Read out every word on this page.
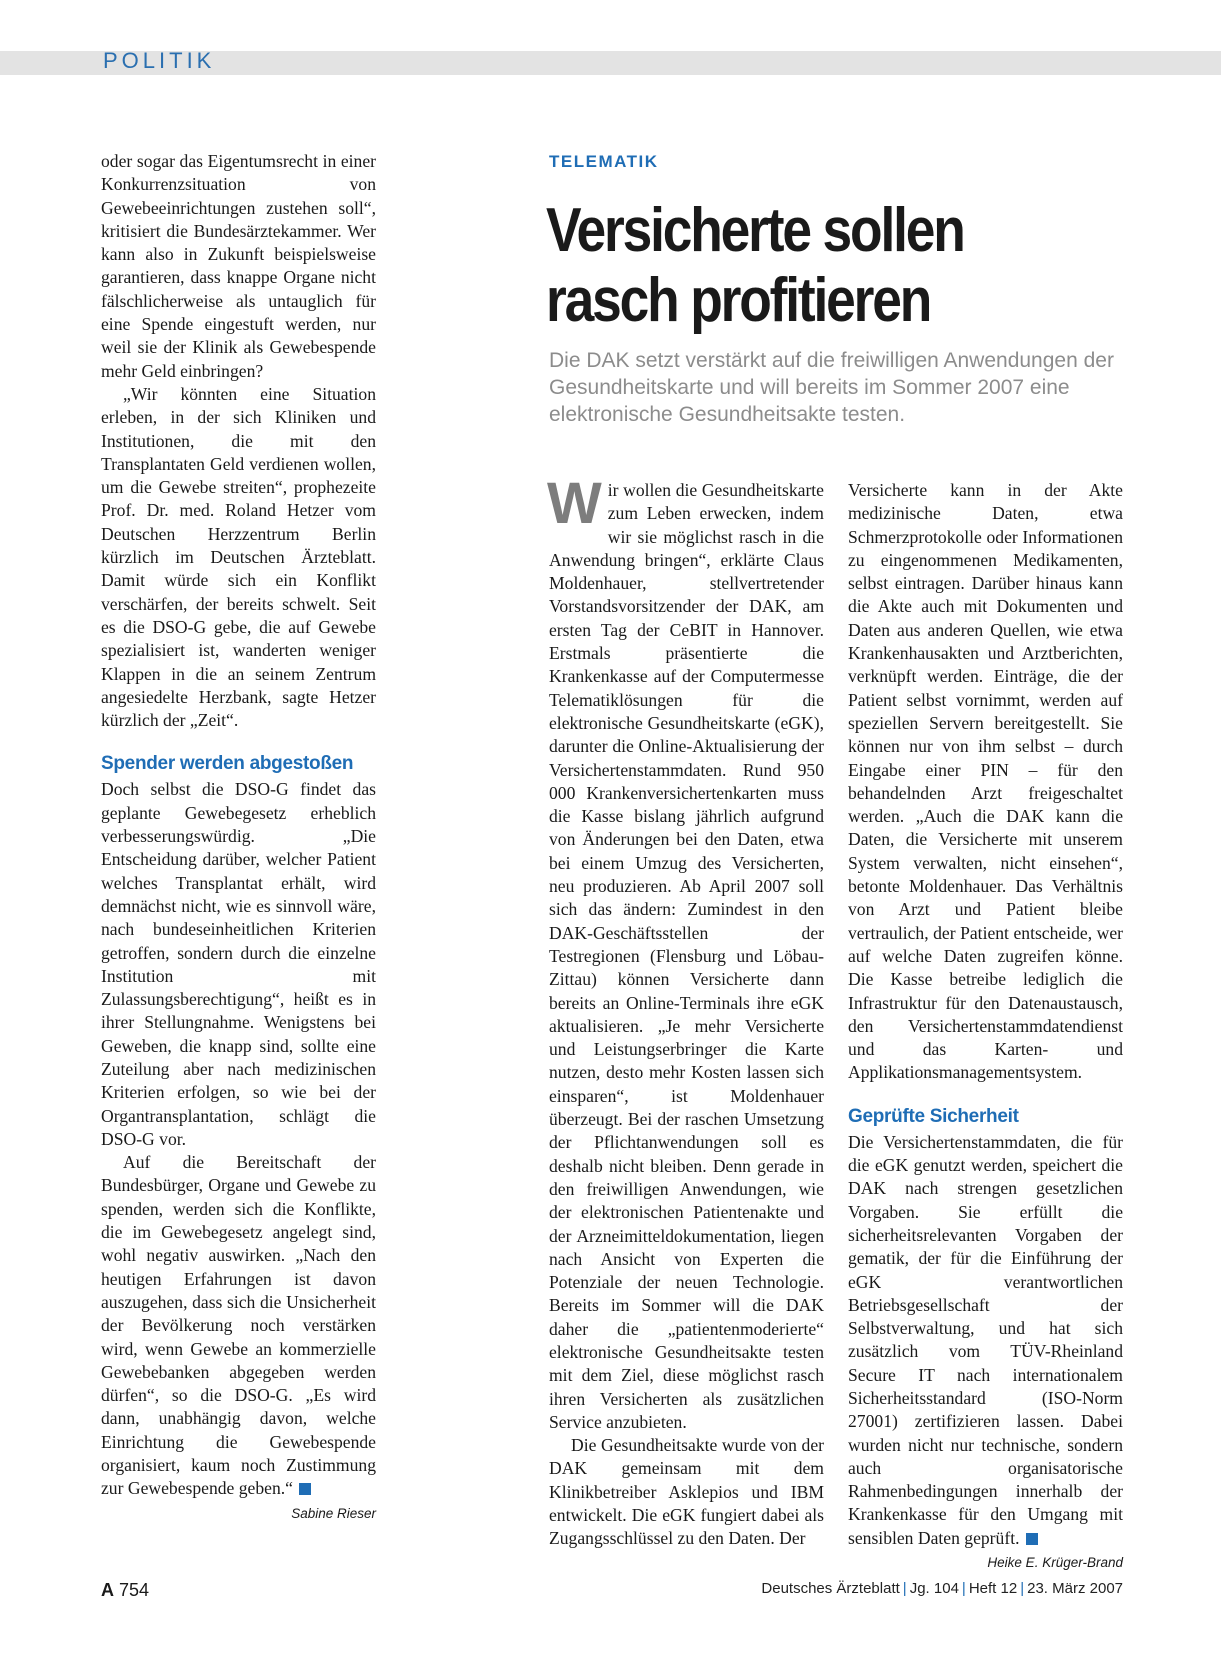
POLITIK

oder sogar das Eigentumsrecht in einer Konkurrenzsituation von Gewebeeinrichtungen zustehen soll“, kritisiert die Bundesärztekammer. Wer kann also in Zukunft beispielsweise garantieren, dass knappe Organe nicht fälschlicherweise als untauglich für eine Spende eingestuft werden, nur weil sie der Klinik als Gewebespende mehr Geld einbringen?

„Wir könnten eine Situation erleben, in der sich Kliniken und Institutionen, die mit den Transplantaten Geld verdienen wollen, um die Gewebe streiten“, prophezeite Prof. Dr. med. Roland Hetzer vom Deutschen Herzzentrum Berlin kürzlich im Deutschen Ärzteblatt. Damit würde sich ein Konflikt verschärfen, der bereits schwelt. Seit es die DSO-G gebe, die auf Gewebe spezialisiert ist, wanderten weniger Klappen in die an seinem Zentrum angesiedelte Herzbank, sagte Hetzer kürzlich der „Zeit“.

Spender werden abgestoßen

Doch selbst die DSO-G findet das geplante Gewebegesetz erheblich verbesserungswürdig. „Die Entscheidung darüber, welcher Patient welches Transplantat erhält, wird demnächst nicht, wie es sinnvoll wäre, nach bundeseinheitlichen Kriterien getroffen, sondern durch die einzelne Institution mit Zulassungsberechtigung“, heißt es in ihrer Stellungnahme. Wenigstens bei Geweben, die knapp sind, sollte eine Zuteilung aber nach medizinischen Kriterien erfolgen, so wie bei der Organtransplantation, schlägt die DSO-G vor.

Auf die Bereitschaft der Bundesbürger, Organe und Gewebe zu spenden, werden sich die Konflikte, die im Gewebegesetz angelegt sind, wohl negativ auswirken. „Nach den heutigen Erfahrungen ist davon auszugehen, dass sich die Unsicherheit der Bevölkerung noch verstärken wird, wenn Gewebe an kommerzielle Gewebebanken abgegeben werden dürfen“, so die DSO-G. „Es wird dann, unabhängig davon, welche Einrichtung die Gewebespende organisiert, kaum noch Zustimmung zur Gewebespende geben.“

Sabine Rieser
TELEMATIK
Versicherte sollen
rasch profitieren

Die DAK setzt verstärkt auf die freiwilligen Anwendungen der Gesundheitskarte und will bereits im Sommer 2007 eine elektronische Gesundheitsakte testen.

Wir wollen die Gesundheitskarte zum Leben erwecken, indem wir sie möglichst rasch in die Anwendung bringen“, erklärte Claus Moldenhauer, stellvertretender Vorstandsvorsitzender der DAK, am ersten Tag der CeBIT in Hannover. Erstmals präsentierte die Krankenkasse auf der Computermesse Telematiklösungen für die elektronische Gesundheitskarte (eGK), darunter die Online-Aktualisierung der Versichertenstammdaten. Rund 950 000 Krankenversichertenkarten muss die Kasse bislang jährlich aufgrund von Änderungen bei den Daten, etwa bei einem Umzug des Versicherten, neu produzieren. Ab April 2007 soll sich das ändern: Zumindest in den DAK-Geschäftsstellen der Testregionen (Flensburg und Löbau-Zittau) können Versicherte dann bereits an Online-Terminals ihre eGK aktualisieren. „Je mehr Versicherte und Leistungserbringer die Karte nutzen, desto mehr Kosten lassen sich einsparen“, ist Moldenhauer überzeugt. Bei der raschen Umsetzung der Pflichtanwendungen soll es deshalb nicht bleiben. Denn gerade in den freiwilligen Anwendungen, wie der elektronischen Patientenakte und der Arzneimitteldokumentation, liegen nach Ansicht von Experten die Potenziale der neuen Technologie. Bereits im Sommer will die DAK daher die „patientenmoderierte“ elektronische Gesundheitsakte testen mit dem Ziel, diese möglichst rasch ihren Versicherten als zusätzlichen Service anzubieten.

Die Gesundheitsakte wurde von der DAK gemeinsam mit dem Klinikbetreiber Asklepios und IBM entwickelt. Die eGK fungiert dabei als Zugangsschlüssel zu den Daten. Der

Versicherte kann in der Akte medizinische Daten, etwa Schmerzprotokolle oder Informationen zu eingenommenen Medikamenten, selbst eintragen. Darüber hinaus kann die Akte auch mit Dokumenten und Daten aus anderen Quellen, wie etwa Krankenhausakten und Arztberichten, verknüpft werden. Einträge, die der Patient selbst vornimmt, werden auf speziellen Servern bereitgestellt. Sie können nur von ihm selbst – durch Eingabe einer PIN – für den behandelnden Arzt freigeschaltet werden. „Auch die DAK kann die Daten, die Versicherte mit unserem System verwalten, nicht einsehen“, betonte Moldenhauer. Das Verhältnis von Arzt und Patient bleibe vertraulich, der Patient entscheide, wer auf welche Daten zugreifen könne. Die Kasse betreibe lediglich die Infrastruktur für den Datenaustausch, den Versichertenstammdatendienst und das Karten- und Applikationsmanagementsystem.

Geprüfte Sicherheit

Die Versichertenstammdaten, die für die eGK genutzt werden, speichert die DAK nach strengen gesetzlichen Vorgaben. Sie erfüllt die sicherheitsrelevanten Vorgaben der gematik, der für die Einführung der eGK verantwortlichen Betriebsgesellschaft der Selbstverwaltung, und hat sich zusätzlich vom TÜV-Rheinland Secure IT nach internationalem Sicherheitsstandard (ISO-Norm 27001) zertifizieren lassen. Dabei wurden nicht nur technische, sondern auch organisatorische Rahmenbedingungen innerhalb der Krankenkasse für den Umgang mit sensiblen Daten geprüft.

Heike E. Krüger-Brand
A 754	Deutsches Ärzteblatt | Jg. 104 | Heft 12 | 23. März 2007
